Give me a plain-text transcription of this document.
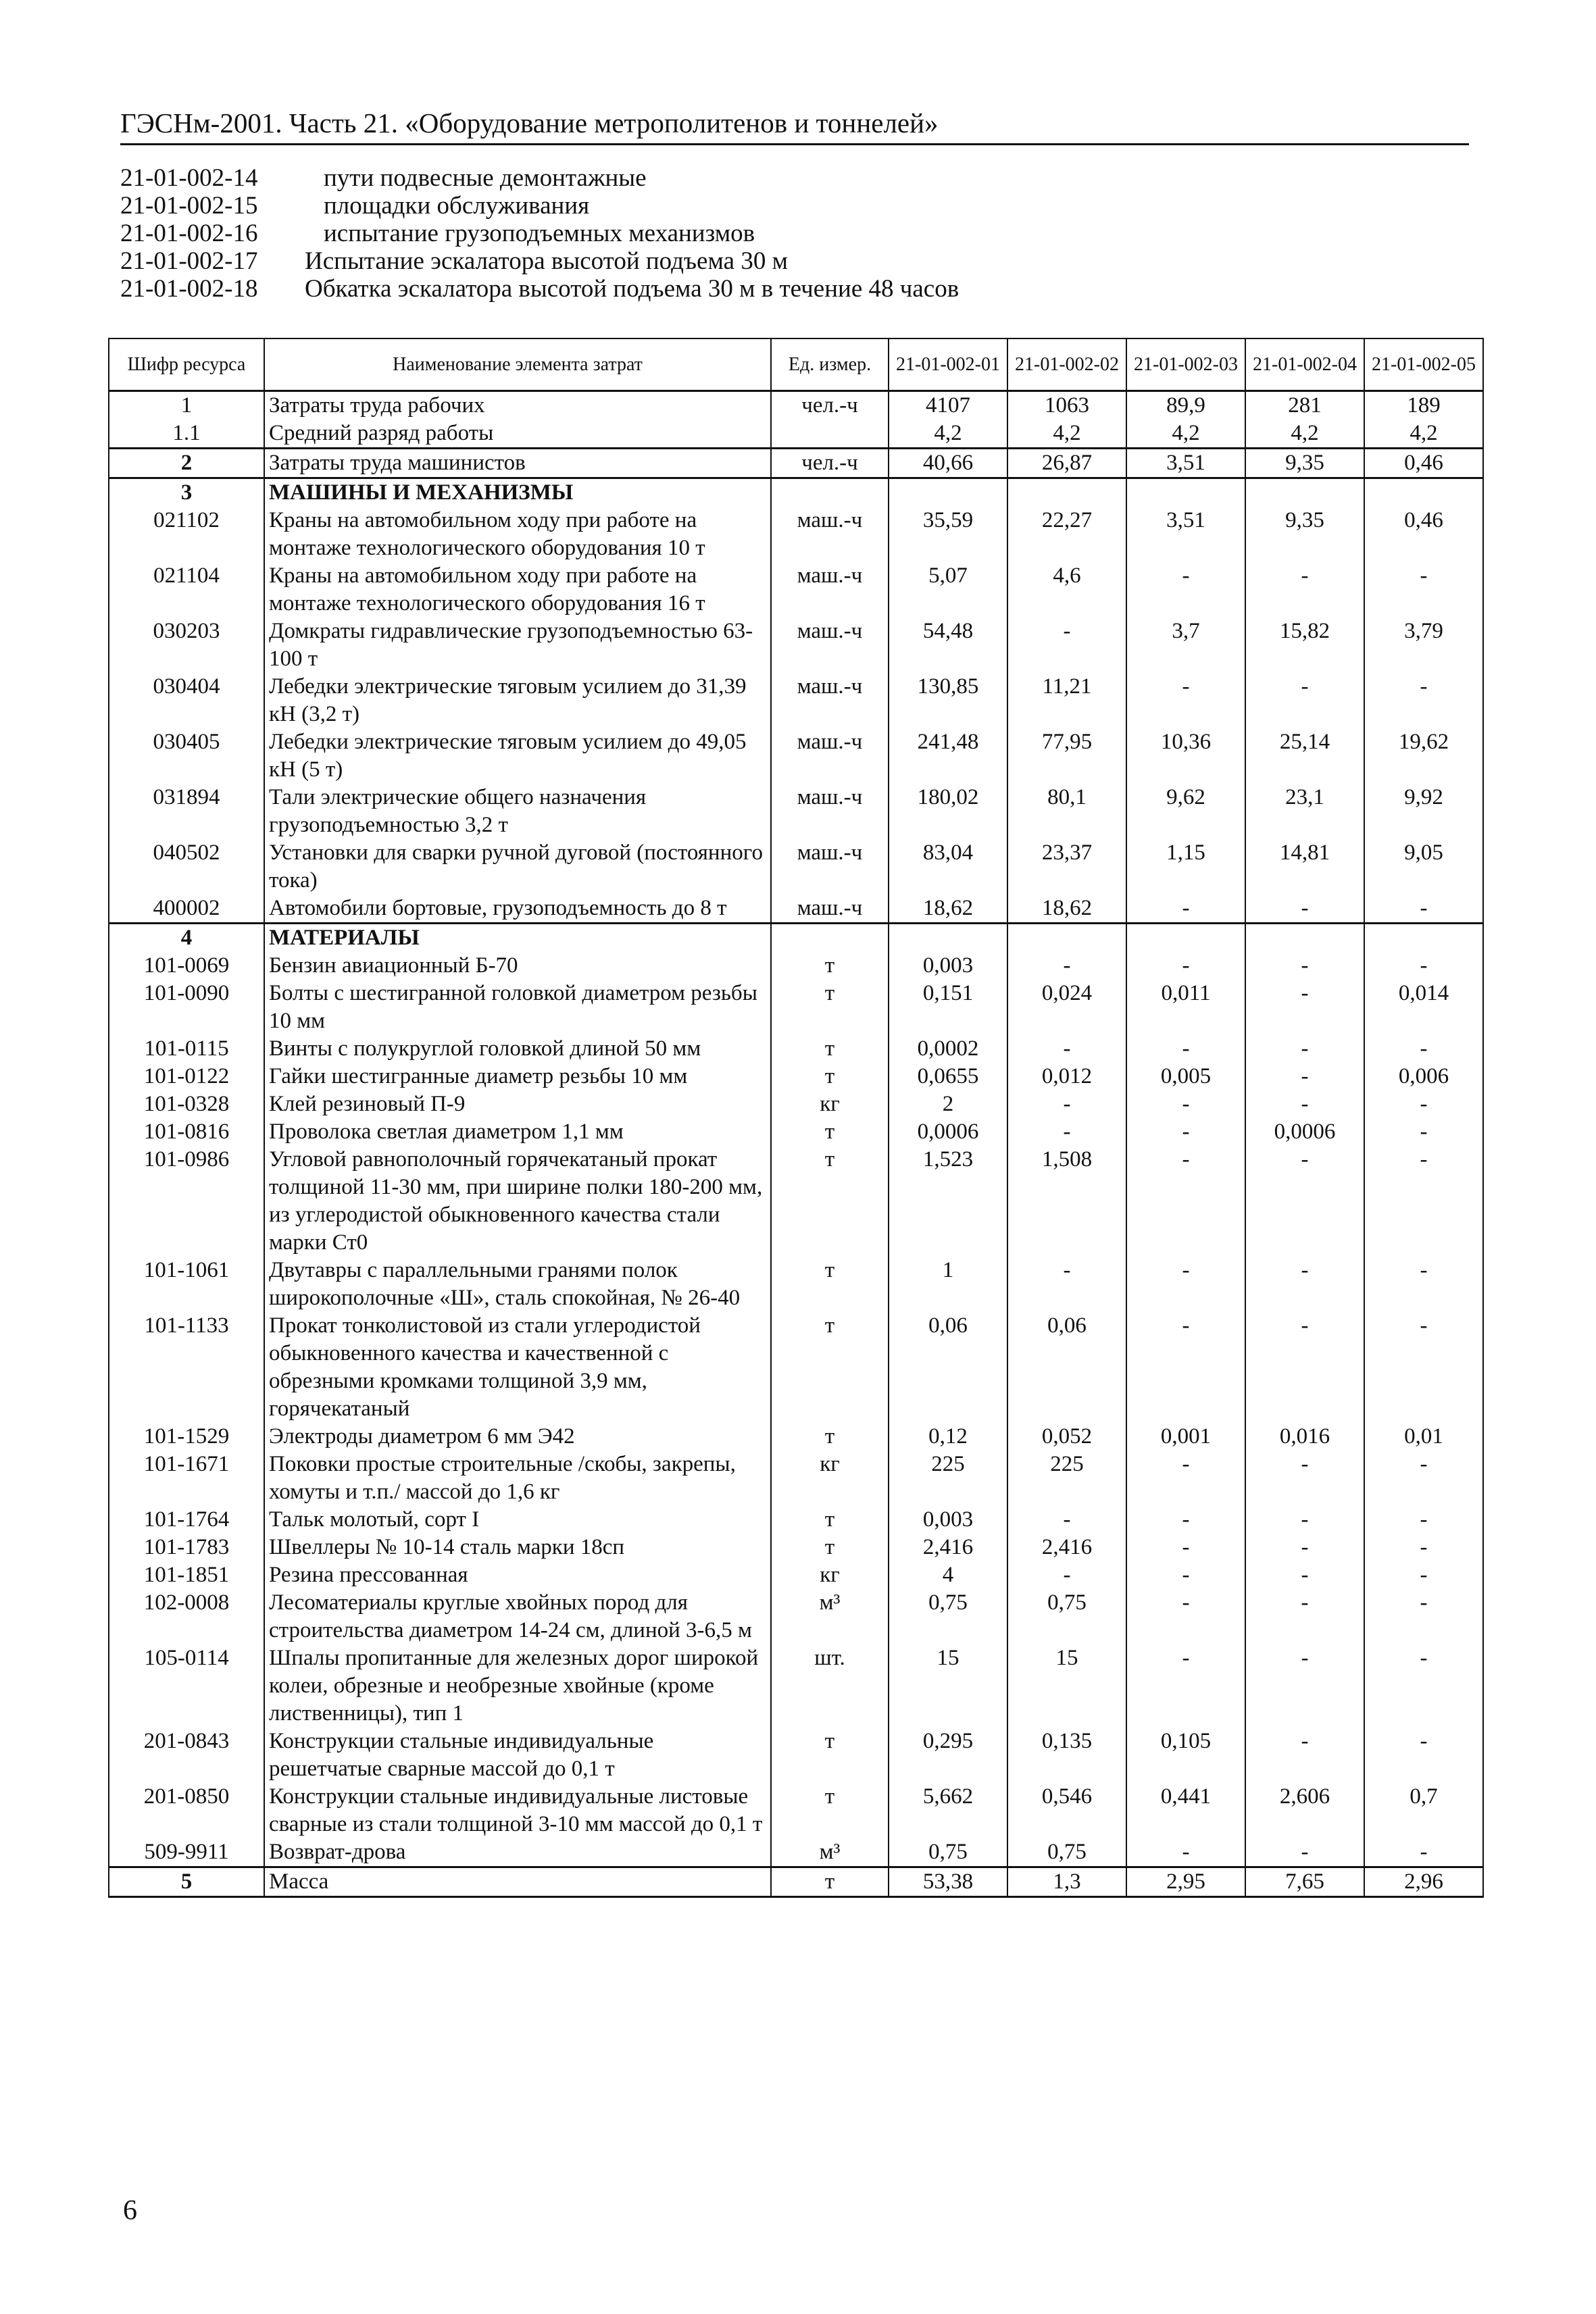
ГЭСНм-2001. Часть 21. «Оборудование метрополитенов и тоннелей»
21-01-002-14	пути подвесные демонтажные
21-01-002-15	площадки обслуживания
21-01-002-16	испытание грузоподъемных механизмов
21-01-002-17	Испытание эскалатора высотой подъема 30 м
21-01-002-18	Обкатка эскалатора высотой подъема 30 м в течение 48 часов
Шифр ресурса	Наименование элемента затрат	Ед. измер.	21-01-002-01	21-01-002-02	21-01-002-03	21-01-002-04	21-01-002-05
1	Затраты труда рабочих	чел.-ч	4107	1063	89,9	281	189
1.1	Средний разряд работы		4,2	4,2	4,2	4,2	4,2
2	Затраты труда машинистов	чел.-ч	40,66	26,87	3,51	9,35	0,46
3	МАШИНЫ И МЕХАНИЗМЫ						
021102	Краны на автомобильном ходу при работе на монтаже технологического оборудования 10 т	маш.-ч	35,59	22,27	3,51	9,35	0,46
021104	Краны на автомобильном ходу при работе на монтаже технологического оборудования 16 т	маш.-ч	5,07	4,6	-	-	-
030203	Домкраты гидравлические грузоподъемностью 63-100 т	маш.-ч	54,48	-	3,7	15,82	3,79
030404	Лебедки электрические тяговым усилием до 31,39 кН (3,2 т)	маш.-ч	130,85	11,21	-	-	-
030405	Лебедки электрические тяговым усилием до 49,05 кН (5 т)	маш.-ч	241,48	77,95	10,36	25,14	19,62
031894	Тали электрические общего назначения грузоподъемностью 3,2 т	маш.-ч	180,02	80,1	9,62	23,1	9,92
040502	Установки для сварки ручной дуговой (постоянного тока)	маш.-ч	83,04	23,37	1,15	14,81	9,05
400002	Автомобили бортовые, грузоподъемность до 8 т	маш.-ч	18,62	18,62	-	-	-
4	МАТЕРИАЛЫ						
101-0069	Бензин авиационный Б-70	т	0,003	-	-	-	-
101-0090	Болты с шестигранной головкой диаметром резьбы 10 мм	т	0,151	0,024	0,011	-	0,014
101-0115	Винты с полукруглой головкой длиной 50 мм	т	0,0002	-	-	-	-
101-0122	Гайки шестигранные диаметр резьбы 10 мм	т	0,0655	0,012	0,005	-	0,006
101-0328	Клей резиновый П-9	кг	2	-	-	-	-
101-0816	Проволока светлая диаметром 1,1 мм	т	0,0006	-	-	0,0006	-
101-0986	Угловой равнополочный горячекатаный прокат толщиной 11-30 мм, при ширине полки 180-200 мм, из углеродистой обыкновенного качества стали марки Ст0	т	1,523	1,508	-	-	-
101-1061	Двутавры с параллельными гранями полок широкополочные «Ш», сталь спокойная, № 26-40	т	1	-	-	-	-
101-1133	Прокат тонколистовой из стали углеродистой обыкновенного качества и качественной с обрезными кромками толщиной 3,9 мм, горячекатаный	т	0,06	0,06	-	-	-
101-1529	Электроды диаметром 6 мм Э42	т	0,12	0,052	0,001	0,016	0,01
101-1671	Поковки простые строительные /скобы, закрепы, хомуты и т.п./ массой до 1,6 кг	кг	225	225	-	-	-
101-1764	Тальк молотый, сорт I	т	0,003	-	-	-	-
101-1783	Швеллеры № 10-14 сталь марки 18сп	т	2,416	2,416	-	-	-
101-1851	Резина прессованная	кг	4	-	-	-	-
102-0008	Лесоматериалы круглые хвойных пород для строительства диаметром 14-24 см, длиной 3-6,5 м	м³	0,75	0,75	-	-	-
105-0114	Шпалы пропитанные для железных дорог широкой колеи, обрезные и необрезные хвойные (кроме лиственницы), тип 1	шт.	15	15	-	-	-
201-0843	Конструкции стальные индивидуальные решетчатые сварные массой до 0,1 т	т	0,295	0,135	0,105	-	-
201-0850	Конструкции стальные индивидуальные листовые сварные из стали толщиной 3-10 мм массой до 0,1 т	т	5,662	0,546	0,441	2,606	0,7
509-9911	Возврат-дрова	м³	0,75	0,75	-	-	-
5	Масса	т	53,38	1,3	2,95	7,65	2,96
6
